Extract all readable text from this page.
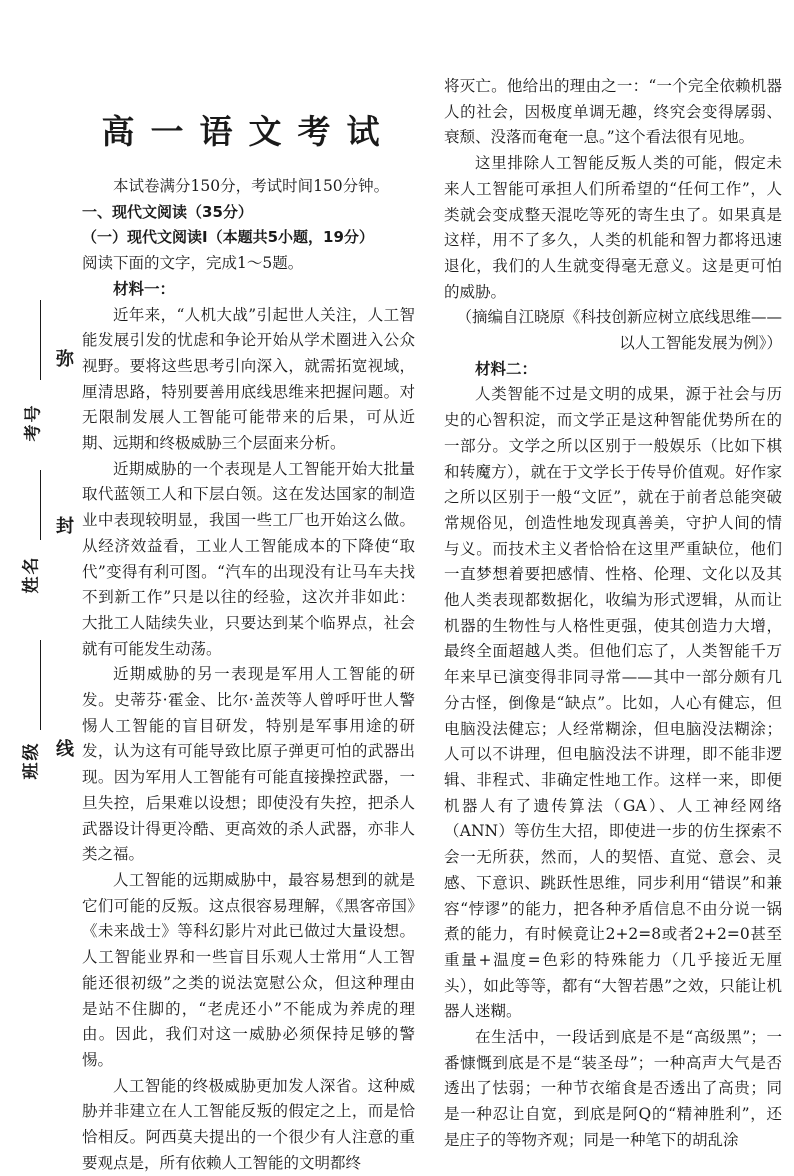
考号
姓名
班级
弥
封
线
高一语文考试

本试卷满分150分，考试时间150分钟。

一、现代文阅读（35分）

（一）现代文阅读Ⅰ（本题共5小题，19分）

阅读下面的文字，完成1～5题。

材料一：

近年来，“人机大战”引起世人关注，人工智能发展引发的忧虑和争论开始从学术圈进入公众视野。要将这些思考引向深入，就需拓宽视域，厘清思路，特别要善用底线思维来把握问题。对无限制发展人工智能可能带来的后果，可从近期、远期和终极威胁三个层面来分析。

近期威胁的一个表现是人工智能开始大批量取代蓝领工人和下层白领。这在发达国家的制造业中表现较明显，我国一些工厂也开始这么做。从经济效益看，工业人工智能成本的下降使“取代”变得有利可图。“汽车的出现没有让马车夫找不到新工作”只是以往的经验，这次并非如此：大批工人陆续失业，只要达到某个临界点，社会就有可能发生动荡。

近期威胁的另一表现是军用人工智能的研发。史蒂芬·霍金、比尔·盖茨等人曾呼吁世人警惕人工智能的盲目研发，特别是军事用途的研发，认为这有可能导致比原子弹更可怕的武器出现。因为军用人工智能有可能直接操控武器，一旦失控，后果难以设想；即使没有失控，把杀人武器设计得更冷酷、更高效的杀人武器，亦非人类之福。

人工智能的远期威胁中，最容易想到的就是它们可能的反叛。这点很容易理解，《黑客帝国》《未来战士》等科幻影片对此已做过大量设想。人工智能业界和一些盲目乐观人士常用“人工智能还很初级”之类的说法宽慰公众，但这种理由是站不住脚的，“老虎还小”不能成为养虎的理由。因此，我们对这一威胁必须保持足够的警惕。

人工智能的终极威胁更加发人深省。这种威胁并非建立在人工智能反叛的假定之上，而是恰恰相反。阿西莫夫提出的一个很少有人注意的重要观点是，所有依赖人工智能的文明都终

将灭亡。他给出的理由之一：“一个完全依赖机器人的社会，因极度单调无趣，终究会变得孱弱、衰颓、没落而奄奄一息。”这个看法很有见地。

这里排除人工智能反叛人类的可能，假定未来人工智能可承担人们所希望的“任何工作”，人类就会变成整天混吃等死的寄生虫了。如果真是这样，用不了多久，人类的机能和智力都将迅速退化，我们的人生就变得毫无意义。这是更可怕的威胁。

（摘编自江晓原《科技创新应树立底线思维——以人工智能发展为例》）

材料二：

人类智能不过是文明的成果，源于社会与历史的心智积淀，而文学正是这种智能优势所在的一部分。文学之所以区别于一般娱乐（比如下棋和转魔方），就在于文学长于传导价值观。好作家之所以区别于一般“文匠”，就在于前者总能突破常规俗见，创造性地发现真善美，守护人间的情与义。而技术主义者恰恰在这里严重缺位，他们一直梦想着要把感情、性格、伦理、文化以及其他人类表现都数据化，收编为形式逻辑，从而让机器的生物性与人格性更强，使其创造力大增，最终全面超越人类。但他们忘了，人类智能千万年来早已演变得非同寻常——其中一部分颇有几分古怪，倒像是“缺点”。比如，人心有健忘，但电脑没法健忘；人经常糊涂，但电脑没法糊涂；人可以不讲理，但电脑没法不讲理，即不能非逻辑、非程式、非确定性地工作。这样一来，即便机器人有了遗传算法（GA）、人工神经网络（ANN）等仿生大招，即使进一步的仿生探索不会一无所获，然而，人的契悟、直觉、意会、灵感、下意识、跳跃性思维，同步利用“错误”和兼容“悖谬”的能力，把各种矛盾信息不由分说一锅煮的能力，有时候竟让2+2=8或者2+2=0甚至重量+温度=色彩的特殊能力（几乎接近无厘头），如此等等，都有“大智若愚”之效，只能让机器人迷糊。

在生活中，一段话到底是不是“高级黑”；一番慷慨到底是不是“装圣母”；一种高声大气是否透出了怯弱；一种节衣缩食是否透出了高贵；同是一种忍让自宽，到底是阿Q的“精神胜利”，还是庄子的等物齐观；同是一种笔下的胡乱涂
